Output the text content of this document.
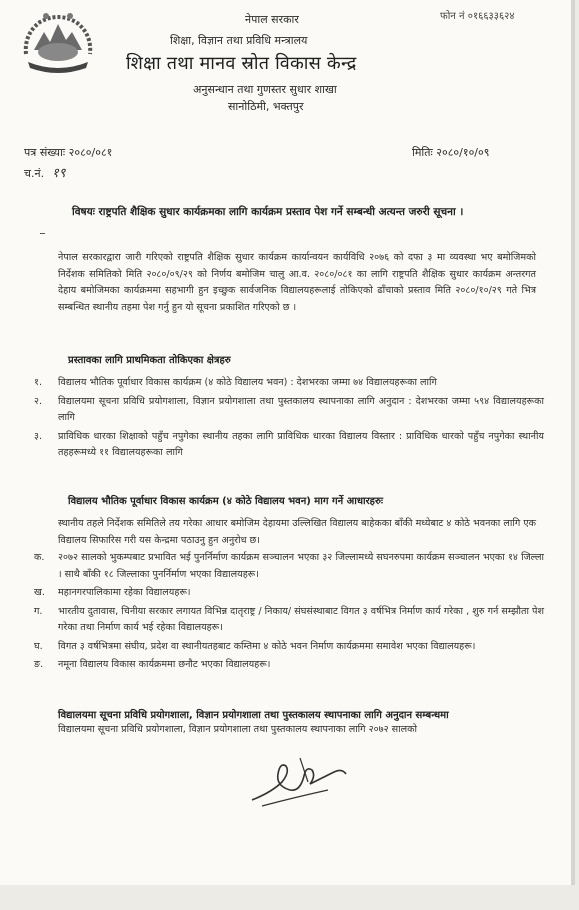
फोन नं ०१६६३३६२४
नेपाल सरकार
शिक्षा, विज्ञान तथा प्रविधि मन्त्रालय
शिक्षा तथा मानव स्रोत विकास केन्द्र
अनुसन्धान तथा गुणस्तर सुधार शाखा
सानोठिमी, भक्तपुर
पत्र संख्याः २०८०/०८१	मितिः २०८०/१०/०९
च.नं. १९
विषयः राष्ट्रपति शैक्षिक सुधार कार्यक्रमका लागि कार्यक्रम प्रस्ताव पेश गर्ने सम्बन्धी अत्यन्त जरुरी सूचना ।
नेपाल सरकारद्वारा जारी गरिएको राष्ट्रपति शैक्षिक सुधार कार्यक्रम कार्यान्वयन कार्यविधि २०७६ को दफा ३ मा व्यवस्था भए बमोजिमको निर्देशक समितिको मिति २०८०/०९/२९ को निर्णय बमोजिम चालु आ.व. २०८०/०८१ का लागि राष्ट्रपति शैक्षिक सुधार कार्यक्रम अन्तरगत देहाय बमोजिमका कार्यक्रममा सहभागी हुन इच्छुक सार्वजनिक विद्यालयहरूलाई तोकिएको ढाँचाको प्रस्ताव मिति २०८०/१०/२९ गते भित्र सम्बन्धित स्थानीय तहमा पेश गर्नु हुन यो सूचना प्रकाशित गरिएको छ ।
प्रस्तावका लागि प्राथमिकता तोकिएका क्षेत्रहरु
१.	विद्यालय भौतिक पूर्वाधार विकास कार्यक्रम (४ कोठे विद्यालय भवन) : देशभरका जम्मा ७४ विद्यालयहरूका लागि
२.	विद्यालयमा सूचना प्रविधि प्रयोगशाला, विज्ञान प्रयोगशाला तथा पुस्तकालय स्थापनाका लागि अनुदान : देशभरका जम्मा ५९४ विद्यालयहरूका लागि
३.	प्राविधिक धारका शिक्षाको पहुँच नपुगेका स्थानीय तहका लागि प्राविधिक धारका विद्यालय विस्तार : प्राविधिक धारको पहुँच नपुगेका स्थानीय तहहरूमध्ये ११ विद्यालयहरूका लागि
विद्यालय भौतिक पूर्वाधार विकास कार्यक्रम (४ कोठे विद्यालय भवन) माग गर्ने आधारहरुः
स्थानीय तहले निर्देशक समितिले तय गरेका आधार बमोजिम देहायमा उल्लिखित विद्यालय बाहेकका बाँकी मध्येबाट ४ कोठे भवनका लागि एक विद्यालय सिफारिस गरी यस केन्द्रमा पठाउनु हुन अनुरोध छ।
क.	२०७२ सालको भुकम्पबाट प्रभावित भई पुनर्निर्माण कार्यक्रम सञ्चालन भएका ३२ जिल्लामध्ये सघनरुपमा कार्यक्रम सञ्चालन भएका १४ जिल्ला । साथै बाँकी १८ जिल्लाका पुनर्निर्माण भएका विद्यालयहरू।
ख.	महानगरपालिकामा रहेका विद्यालयहरू।
ग.	भारतीय दुतावास, चिनीया सरकार लगायत विभिन्न दातृराष्ट्र / निकाय/ संघसंस्थाबाट विगत ३ वर्षभित्र निर्माण कार्य गरेका , शुरु गर्न सम्झौता पेश गरेका तथा निर्माण कार्य भई रहेका विद्यालयहरू।
घ.	विगत ३ वर्षभित्रमा संघीय, प्रदेश वा स्थानीयतहबाट कम्तिमा ४ कोठे भवन निर्माण कार्यक्रममा समावेश भएका विद्यालयहरू।
ङ.	नमूना विद्यालय विकास कार्यक्रममा छनौट भएका विद्यालयहरू।
विद्यालयमा सूचना प्रविधि प्रयोगशाला, विज्ञान प्रयोगशाला तथा पुस्तकालय स्थापनाका लागि अनुदान सम्बन्धमा
विद्यालयमा सूचना प्रविधि प्रयोगशाला, विज्ञान प्रयोगशाला तथा पुस्तकालय स्थापनाका लागि २०७२ सालको
